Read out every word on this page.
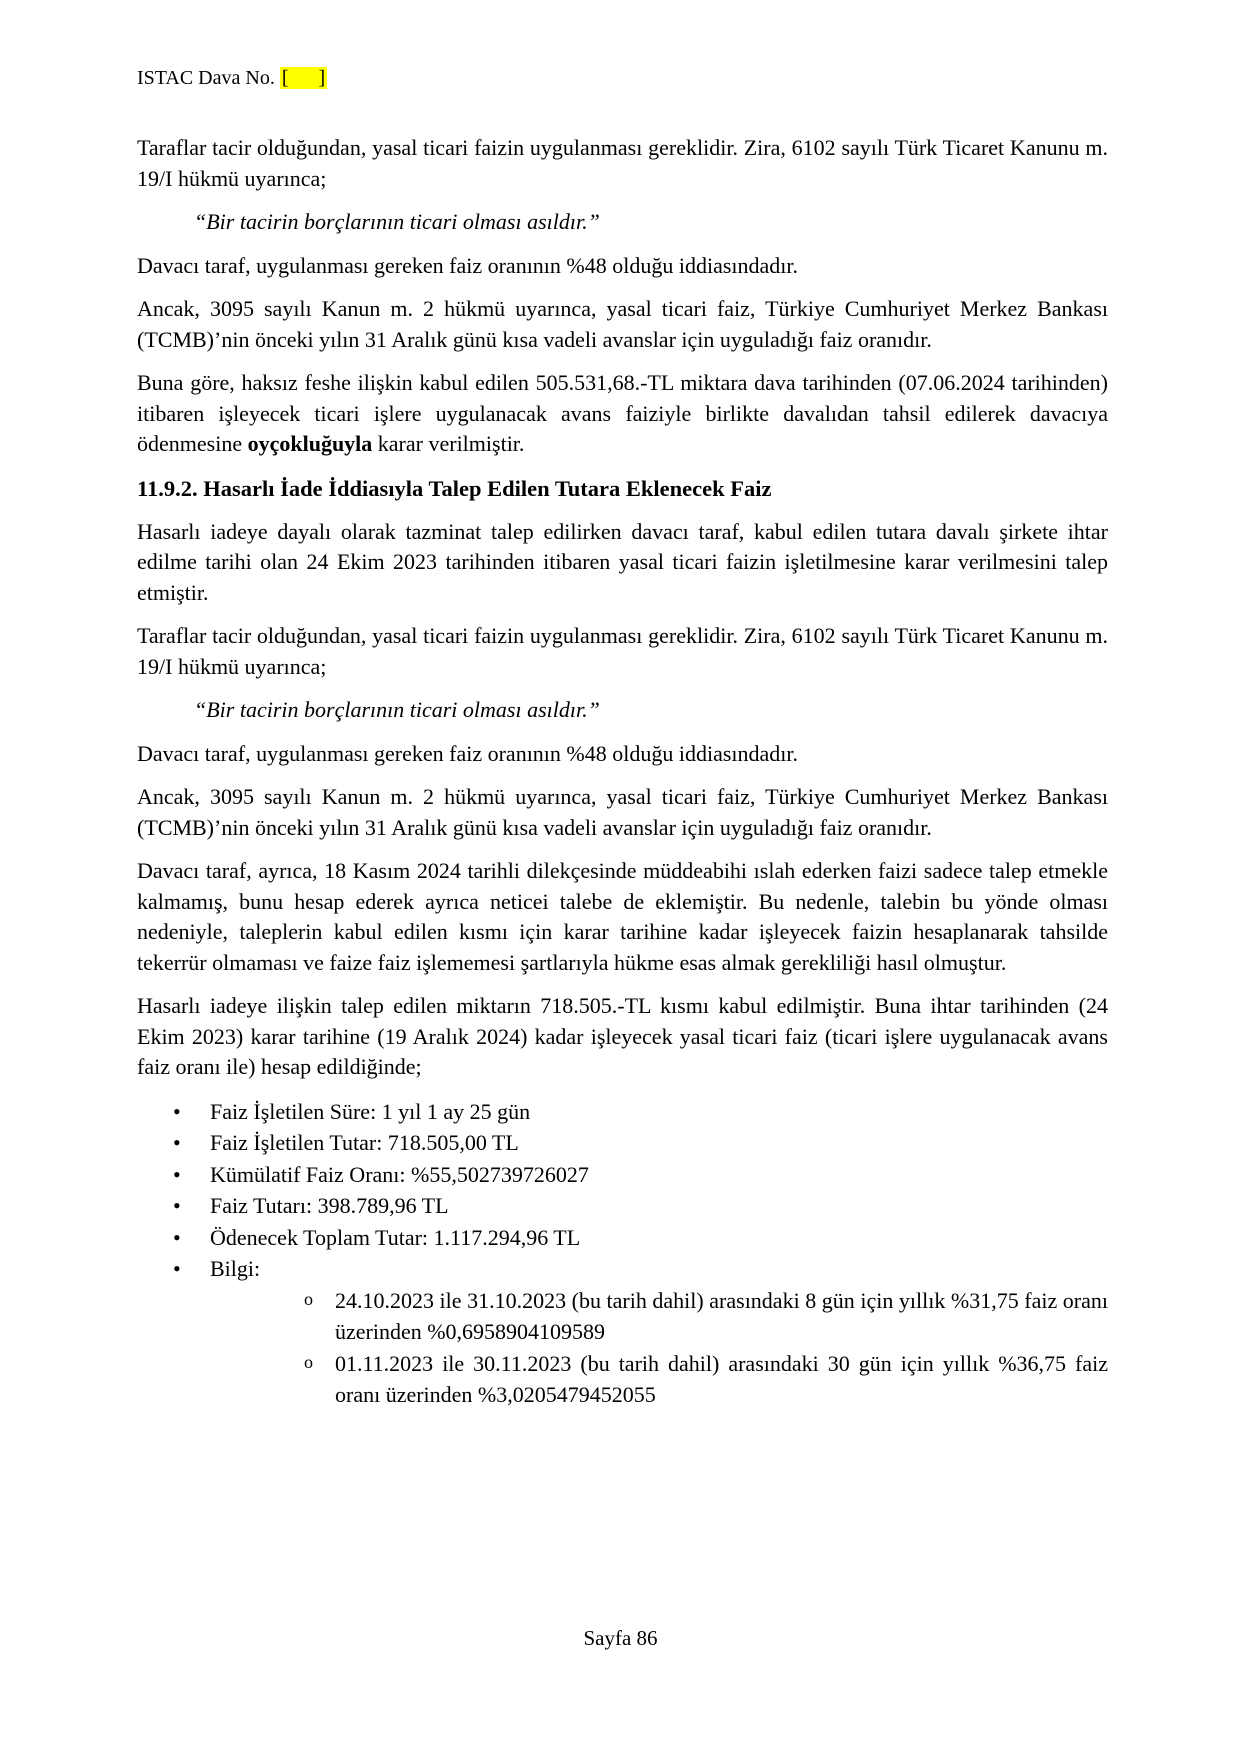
ISTAC Dava No. [      ]

Taraflar tacir olduğundan, yasal ticari faizin uygulanması gereklidir. Zira, 6102 sayılı Türk Ticaret Kanunu m. 19/I hükmü uyarınca;

“Bir tacirin borçlarının ticari olması asıldır.”

Davacı taraf, uygulanması gereken faiz oranının %48 olduğu iddiasındadır.

Ancak, 3095 sayılı Kanun m. 2 hükmü uyarınca, yasal ticari faiz, Türkiye Cumhuriyet Merkez Bankası (TCMB)’nin önceki yılın 31 Aralık günü kısa vadeli avanslar için uyguladığı faiz oranıdır.

Buna göre, haksız feshe ilişkin kabul edilen 505.531,68.-TL miktara dava tarihinden (07.06.2024 tarihinden) itibaren işleyecek ticari işlere uygulanacak avans faiziyle birlikte davalıdan tahsil edilerek davacıya ödenmesine oyçokluğuyla karar verilmiştir.

11.9.2. Hasarlı İade İddiasıyla Talep Edilen Tutara Eklenecek Faiz

Hasarlı iadeye dayalı olarak tazminat talep edilirken davacı taraf, kabul edilen tutara davalı şirkete ihtar edilme tarihi olan 24 Ekim 2023 tarihinden itibaren yasal ticari faizin işletilmesine karar verilmesini talep etmiştir.

Taraflar tacir olduğundan, yasal ticari faizin uygulanması gereklidir. Zira, 6102 sayılı Türk Ticaret Kanunu m. 19/I hükmü uyarınca;

“Bir tacirin borçlarının ticari olması asıldır.”

Davacı taraf, uygulanması gereken faiz oranının %48 olduğu iddiasındadır.

Ancak, 3095 sayılı Kanun m. 2 hükmü uyarınca, yasal ticari faiz, Türkiye Cumhuriyet Merkez Bankası (TCMB)’nin önceki yılın 31 Aralık günü kısa vadeli avanslar için uyguladığı faiz oranıdır.

Davacı taraf, ayrıca, 18 Kasım 2024 tarihli dilekçesinde müddeabihi ıslah ederken faizi sadece talep etmekle kalmamış, bunu hesap ederek ayrıca neticei talebe de eklemiştir. Bu nedenle, talebin bu yönde olması nedeniyle, taleplerin kabul edilen kısmı için karar tarihine kadar işleyecek faizin hesaplanarak tahsilde tekerrür olmaması ve faize faiz işlememesi şartlarıyla hükme esas almak gerekliliği hasıl olmuştur.

Hasarlı iadeye ilişkin talep edilen miktarın 718.505.-TL kısmı kabul edilmiştir. Buna ihtar tarihinden (24 Ekim 2023) karar tarihine (19 Aralık 2024) kadar işleyecek yasal ticari faiz (ticari işlere uygulanacak avans faiz oranı ile) hesap edildiğinde;

• Faiz İşletilen Süre: 1 yıl 1 ay 25 gün
• Faiz İşletilen Tutar: 718.505,00 TL
• Kümülatif Faiz Oranı: %55,502739726027
• Faiz Tutarı: 398.789,96 TL
• Ödenecek Toplam Tutar: 1.117.294,96 TL
• Bilgi:
o 24.10.2023 ile 31.10.2023 (bu tarih dahil) arasındaki 8 gün için yıllık %31,75 faiz oranı üzerinden %0,6958904109589
o 01.11.2023 ile 30.11.2023 (bu tarih dahil) arasındaki 30 gün için yıllık %36,75 faiz oranı üzerinden %3,0205479452055
Sayfa 86
